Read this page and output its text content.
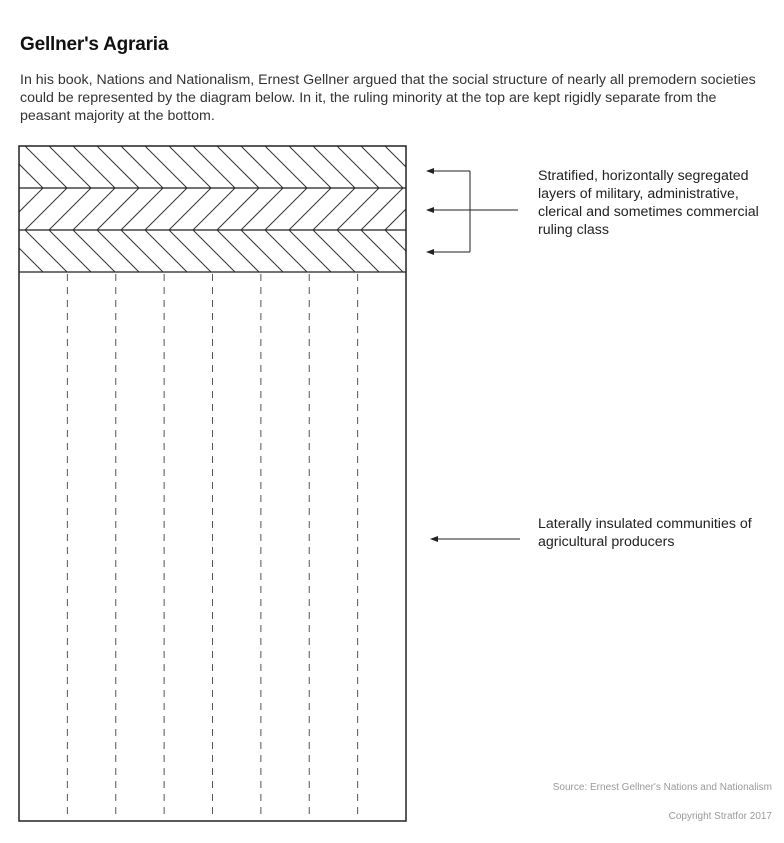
Gellner's Agraria

In his book, Nations and Nationalism, Ernest Gellner argued that the social structure of nearly all premodern societies could be represented by the diagram below. In it, the ruling minority at the top are kept rigidly separate from the peasant majority at the bottom.

Stratified, horizontally segregated layers of military, administrative, clerical and sometimes commercial ruling class

Laterally insulated communities of agricultural producers

Source: Ernest Gellner's Nations and Nationalism
Copyright Stratfor 2017
